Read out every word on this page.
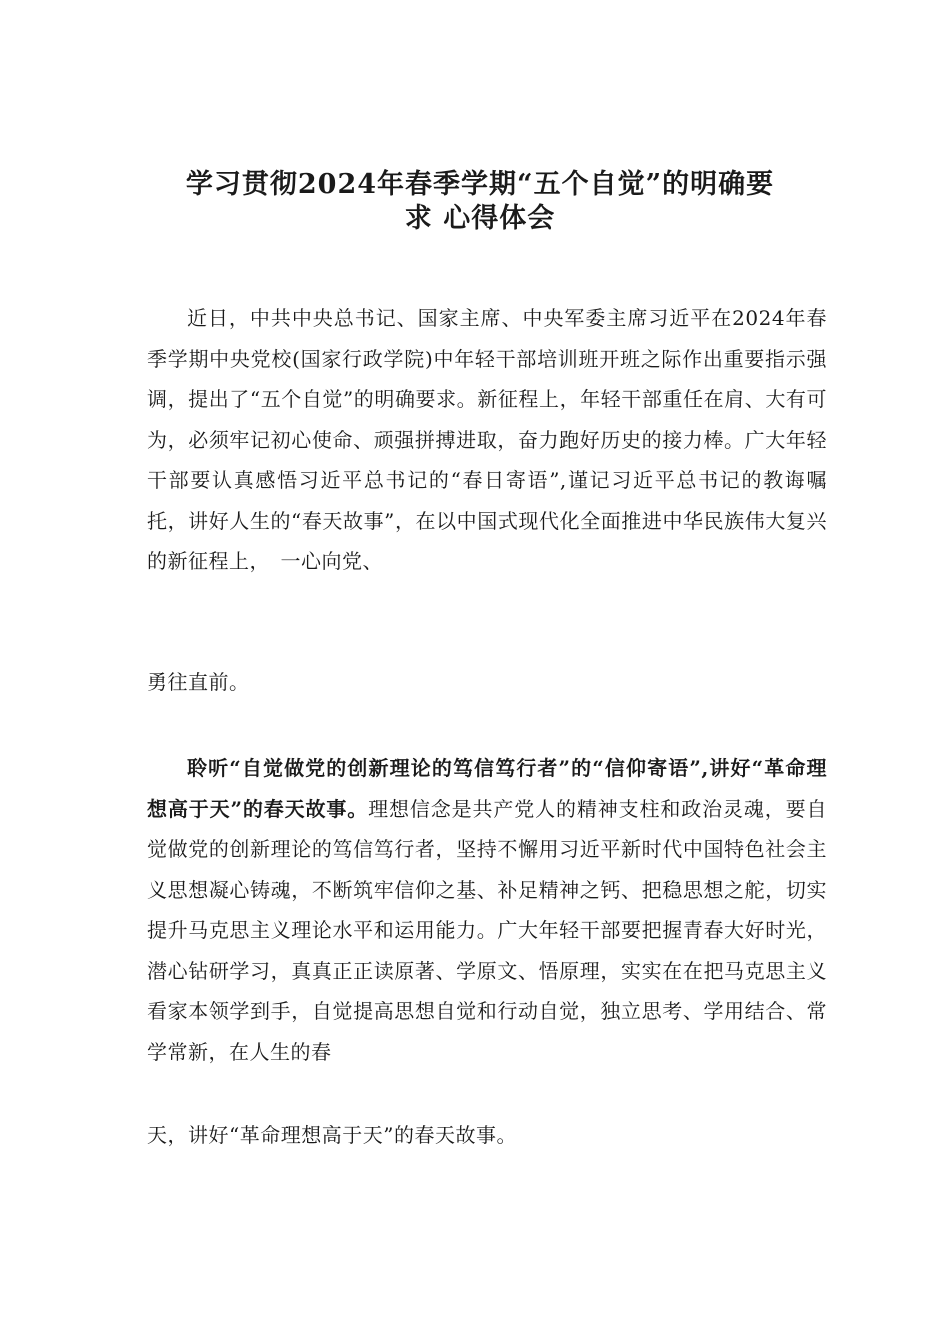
学习贯彻2024年春季学期“五个自觉”的明确要
求 心得体会

近日，中共中央总书记、国家主席、中央军委主席习近平在2024年春季学期中央党校(国家行政学院)中年轻干部培训班开班之际作出重要指示强调，提出了“五个自觉”的明确要求。新征程上，年轻干部重任在肩、大有可为，必须牢记初心使命、顽强拼搏进取，奋力跑好历史的接力棒。广大年轻干部要认真感悟习近平总书记的“春日寄语”,谨记习近平总书记的教诲嘱托，讲好人生的“春天故事”，在以中国式现代化全面推进中华民族伟大复兴的新征程上，　一心向党、

勇往直前。

聆听“自觉做党的创新理论的笃信笃行者”的“信仰寄语”,讲好“革命理想高于天”的春天故事。理想信念是共产党人的精神支柱和政治灵魂，要自觉做党的创新理论的笃信笃行者，坚持不懈用习近平新时代中国特色社会主义思想凝心铸魂，不断筑牢信仰之基、补足精神之钙、把稳思想之舵，切实提升马克思主义理论水平和运用能力。广大年轻干部要把握青春大好时光，潜心钻研学习，真真正正读原著、学原文、悟原理，实实在在把马克思主义看家本领学到手，自觉提高思想自觉和行动自觉，独立思考、学用结合、常学常新，在人生的春

天，讲好“革命理想高于天”的春天故事。
